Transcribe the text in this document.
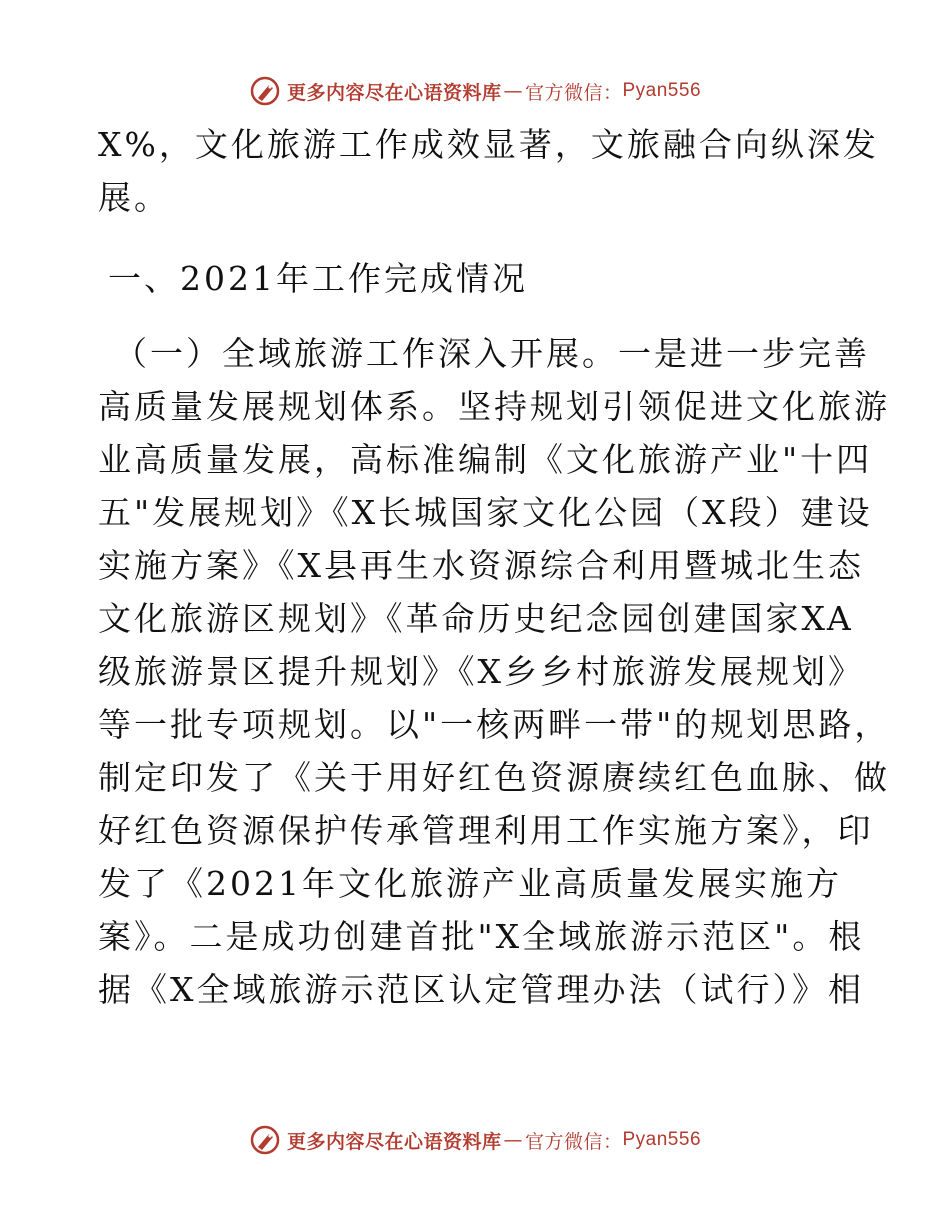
更多内容尽在心语资料库 — 官方微信： Pyan556
X%，文化旅游工作成效显著，文旅融合向纵深发
展。
一、2021年工作完成情况
（一）全域旅游工作深入开展。一是进一步完善
高质量发展规划体系。坚持规划引领促进文化旅游
业高质量发展，高标准编制《文化旅游产业"十四
五"发展规划》《X长城国家文化公园（X段）建设
实施方案》《X县再生水资源综合利用暨城北生态
文化旅游区规划》《革命历史纪念园创建国家XA
级旅游景区提升规划》《X乡乡村旅游发展规划》
等一批专项规划。以"一核两畔一带"的规划思路，
制定印发了《关于用好红色资源赓续红色血脉、做
好红色资源保护传承管理利用工作实施方案》，印
发了《2021年文化旅游产业高质量发展实施方
案》。二是成功创建首批"X全域旅游示范区"。根
据《X全域旅游示范区认定管理办法（试行）》相
更多内容尽在心语资料库 — 官方微信： Pyan556
